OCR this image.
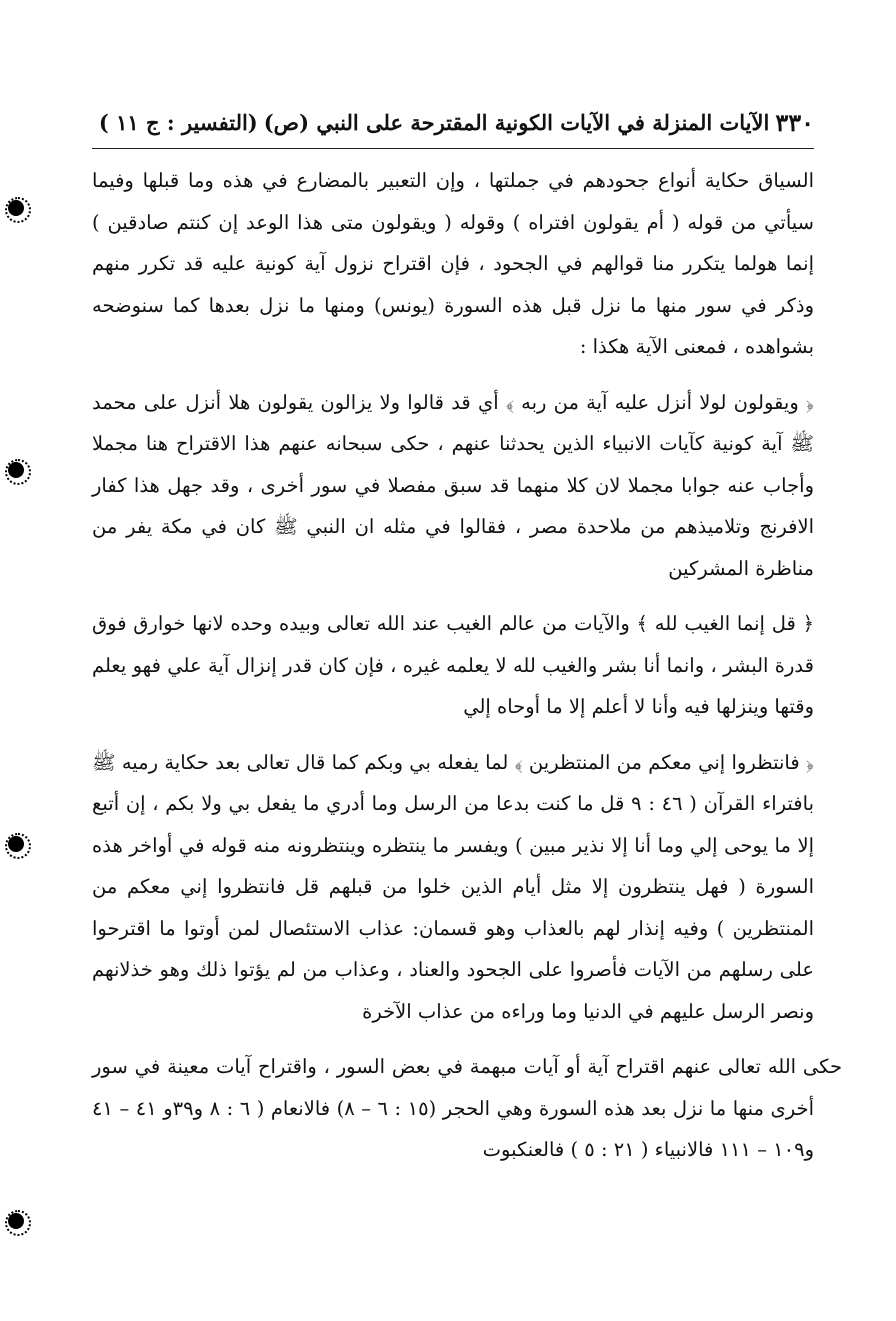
٣٣٠
الآيات المنزلة في الآيات الكونية المقترحة على النبي (ص)
(التفسير : ج ١١ )

السياق حكاية أنواع جحودهم في جملتها ، وإن التعبير بالمضارع في هذه وما قبلها وفيما سيأتي من قوله ( أم يقولون افتراه ) وقوله ( ويقولون متى هذا الوعد إن كنتم صادقين ) إنما هولما يتكرر منا قوالهم في الجحود ، فإن اقتراح نزول آية كونية عليه قد تكرر منهم وذكر في سور منها ما نزل قبل هذه السورة (يونس) ومنها ما نزل بعدها كما سنوضحه بشواهده ، فمعنى الآية هكذا :

﴿ ويقولون لولا أنزل عليه آية من ربه ﴾ أي قد قالوا ولا يزالون يقولون هلا أنزل على محمد ﷺ آية كونية كآيات الانبياء الذين يحدثنا عنهم ، حكى سبحانه عنهم هذا الاقتراح هنا مجملا وأجاب عنه جوابا مجملا لان كلا منهما قد سبق مفصلا في سور أخرى ، وقد جهل هذا كفار الافرنج وتلاميذهم من ملاحدة مصر ، فقالوا في مثله ان النبي ﷺ كان في مكة يفر من مناظرة المشركين

﴿ قل إنما الغيب لله ﴾ والآيات من عالم الغيب عند الله تعالى وبيده وحده لانها خوارق فوق قدرة البشر ، وانما أنا بشر والغيب لله لا يعلمه غيره ، فإن كان قدر إنزال آية علي فهو يعلم وقتها وينزلها فيه وأنا لا أعلم إلا ما أوحاه إلي

﴿ فانتظروا إني معكم من المنتظرين ﴾ لما يفعله بي وبكم كما قال تعالى بعد حكاية رميه ﷺ بافتراء القرآن ( ٤٦ : ٩ قل ما كنت بدعا من الرسل وما أدري ما يفعل بي ولا بكم ، إن أتبع إلا ما يوحى إلي وما أنا إلا نذير مبين ) ويفسر ما ينتظره وينتظرونه منه قوله في أواخر هذه السورة ( فهل ينتظرون إلا مثل أيام الذين خلوا من قبلهم قل فانتظروا إني معكم من المنتظرين ) وفيه إنذار لهم بالعذاب وهو قسمان: عذاب الاستئصال لمن أوتوا ما اقترحوا على رسلهم من الآيات فأصروا على الجحود والعناد ، وعذاب من لم يؤتوا ذلك وهو خذلانهم ونصر الرسل عليهم في الدنيا وما وراءه من عذاب الآخرة

حكى الله تعالى عنهم اقتراح آية أو آيات مبهمة في بعض السور ، واقتراح آيات معينة في سور أخرى منها ما نزل بعد هذه السورة وهي الحجر (١٥ : ٦ – ٨) فالانعام ( ٦ : ٨ و٣٩و ٤١ – ٤١ و١٠٩ – ١١١ فالانبياء ( ٢١ : ٥ ) فالعنكبوت
